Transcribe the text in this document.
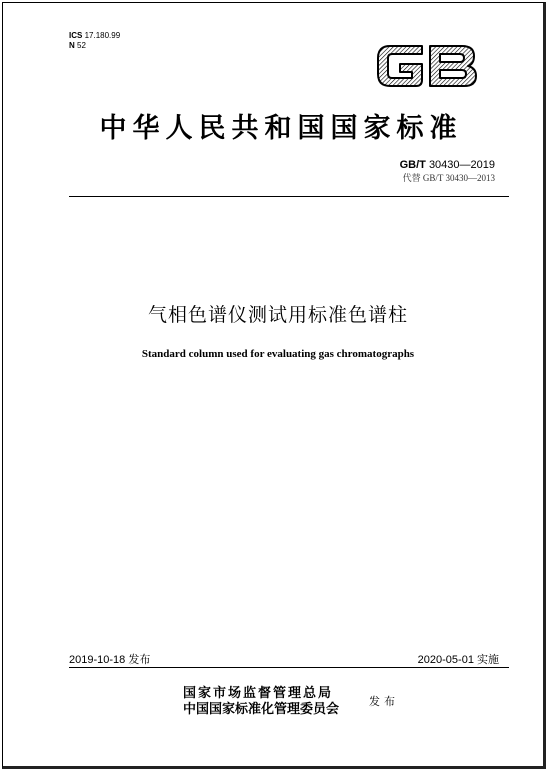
ICS 17.180.99
N 52
GB
中华人民共和国国家标准
GB/T 30430—2019
代替 GB/T 30430—2013
气相色谱仪测试用标准色谱柱
Standard column used for evaluating gas chromatographs
2019-10-18 发布	2020-05-01 实施
国家市场监督管理总局
中国国家标准化管理委员会
发布
